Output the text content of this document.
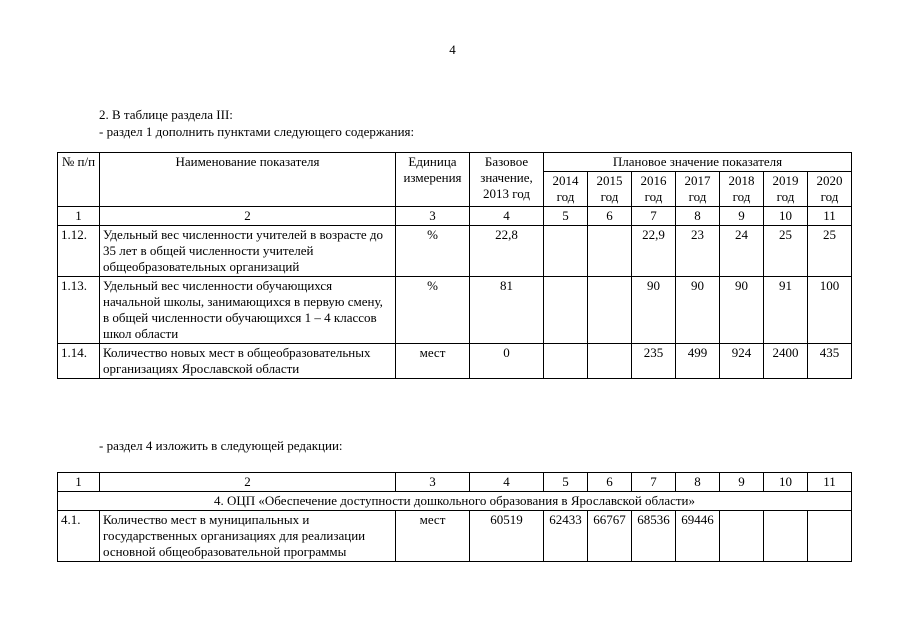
4
2. В таблице раздела III:
- раздел 1 дополнить пунктами следующего содержания:
№ п/п	Наименование показателя	Единица измерения	Базовое значение, 2013 год	Плановое значение показателя						
				2014 год	2015 год	2016 год	2017 год	2018 год	2019 год	2020 год
1	2	3	4	5	6	7	8	9	10	11
1.12.	Удельный вес численности учителей в возрасте до 35 лет в общей численности учителей общеобразовательных организаций	%	22,8			22,9	23	24	25	25
1.13.	Удельный вес численности обучающихся начальной школы, занимающихся в первую смену, в общей численности обучающихся 1 – 4 классов школ области	%	81			90	90	90	91	100
1.14.	Количество новых мест в общеобразовательных организациях Ярославской области	мест	0			235	499	924	2400	435
- раздел 4 изложить в следующей редакции:
1	2	3	4	5	6	7	8	9	10	11
4. ОЦП «Обеспечение доступности дошкольного образования в Ярославской области»										
4.1.	Количество мест в муниципальных и государственных организациях для реализации основной общеобразовательной программы	мест	60519	62433	66767	68536	69446			
